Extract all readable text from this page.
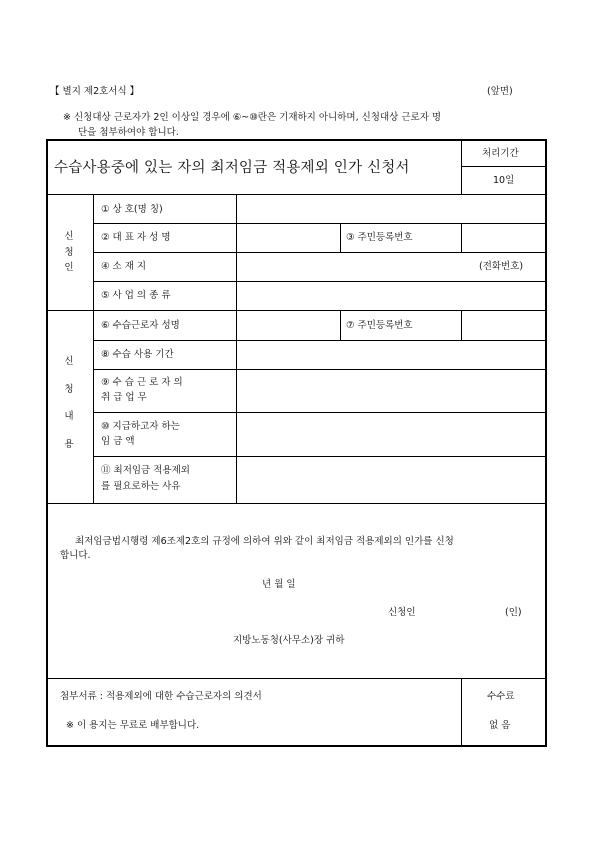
【 별지 제2호서식 】	(앞면)
※ 신청대상 근로자가 2인 이상일 경우에 ⑥~⑩란은 기재하지 아니하며, 신청대상 근로자 명
단을 첨부하여야 합니다.
수습사용중에 있는 자의 최저임금 적용제외 인가 신청서
처리기간
10일
신
청
인
① 상 호(명 칭)
② 대 표 자 성 명	③ 주민등록번호
④ 소 재 지	(전화번호)
⑤ 사 업 의 종 류
신
청
내
용
⑥ 수습근로자 성명	⑦ 주민등록번호
⑧ 수습 사용 기간
⑨ 수 습 근 로 자 의
취 급 업 무
⑩ 지급하고자 하는
임 금 액
⑪ 최저임금 적용제외
를 필요로하는 사유
최저임금법시행령 제6조제2호의 규정에 의하여 위와 같이 최저임금 적용제외의 인가를 신청
합니다.
년 월 일
신청인	(인)
지방노동청(사무소)장 귀하
첨부서류 : 적용제외에 대한 수습근로자의 의견서
※ 이 용지는 무료로 배부합니다.
수수료
없 음
